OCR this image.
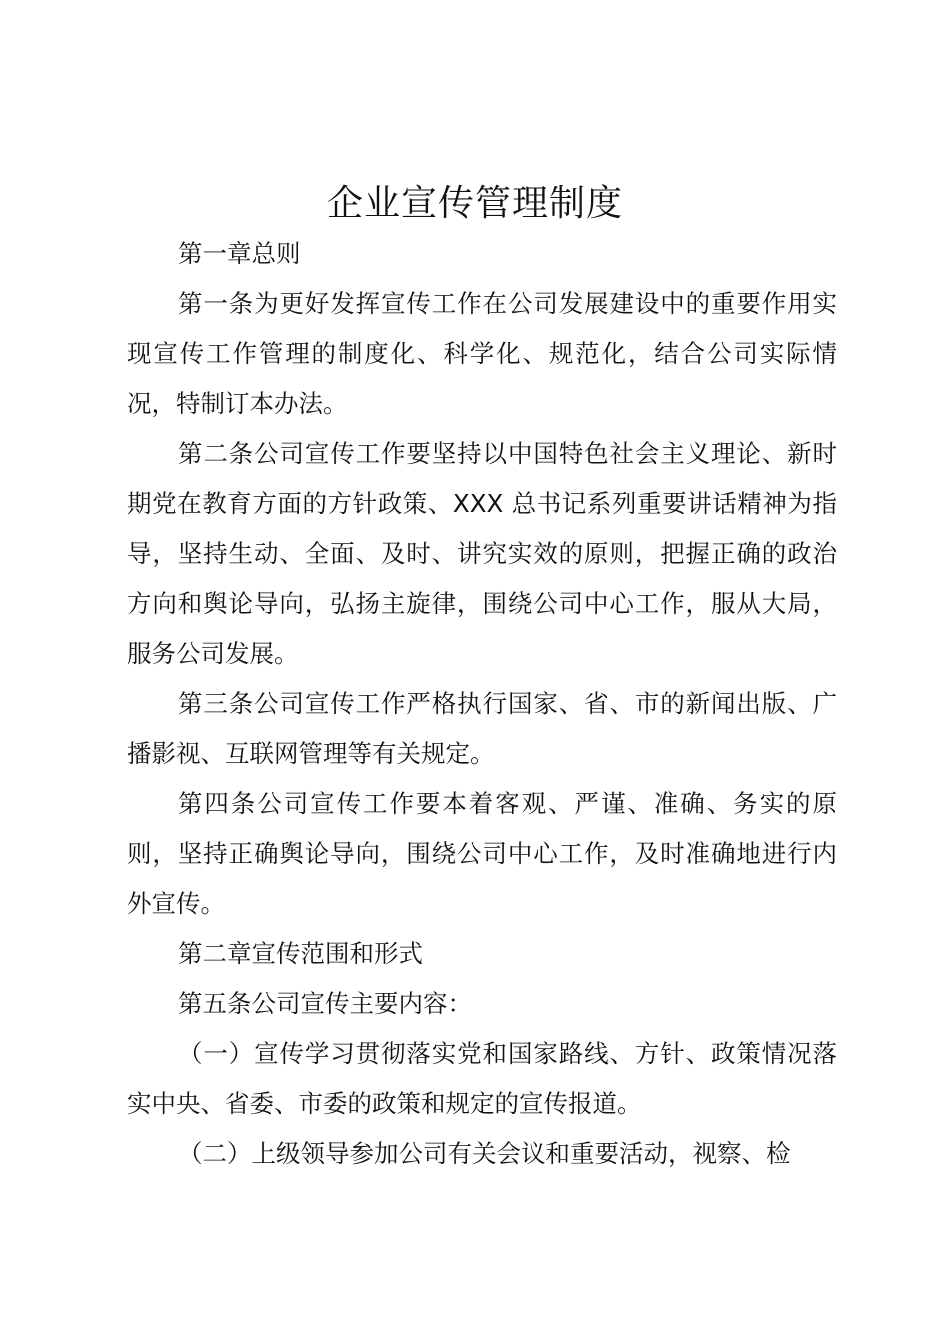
企业宣传管理制度

第一章总则

第一条为更好发挥宣传工作在公司发展建设中的重要作用实现宣传工作管理的制度化、科学化、规范化，结合公司实际情况，特制订本办法。

第二条公司宣传工作要坚持以中国特色社会主义理论、新时期党在教育方面的方针政策、XXX 总书记系列重要讲话精神为指导，坚持生动、全面、及时、讲究实效的原则，把握正确的政治方向和舆论导向，弘扬主旋律，围绕公司中心工作，服从大局，服务公司发展。

第三条公司宣传工作严格执行国家、省、市的新闻出版、广播影视、互联网管理等有关规定。

第四条公司宣传工作要本着客观、严谨、准确、务实的原则，坚持正确舆论导向，围绕公司中心工作，及时准确地进行内外宣传。

第二章宣传范围和形式

第五条公司宣传主要内容：

（一）宣传学习贯彻落实党和国家路线、方针、政策情况落实中央、省委、市委的政策和规定的宣传报道。

（二）上级领导参加公司有关会议和重要活动，视察、检
